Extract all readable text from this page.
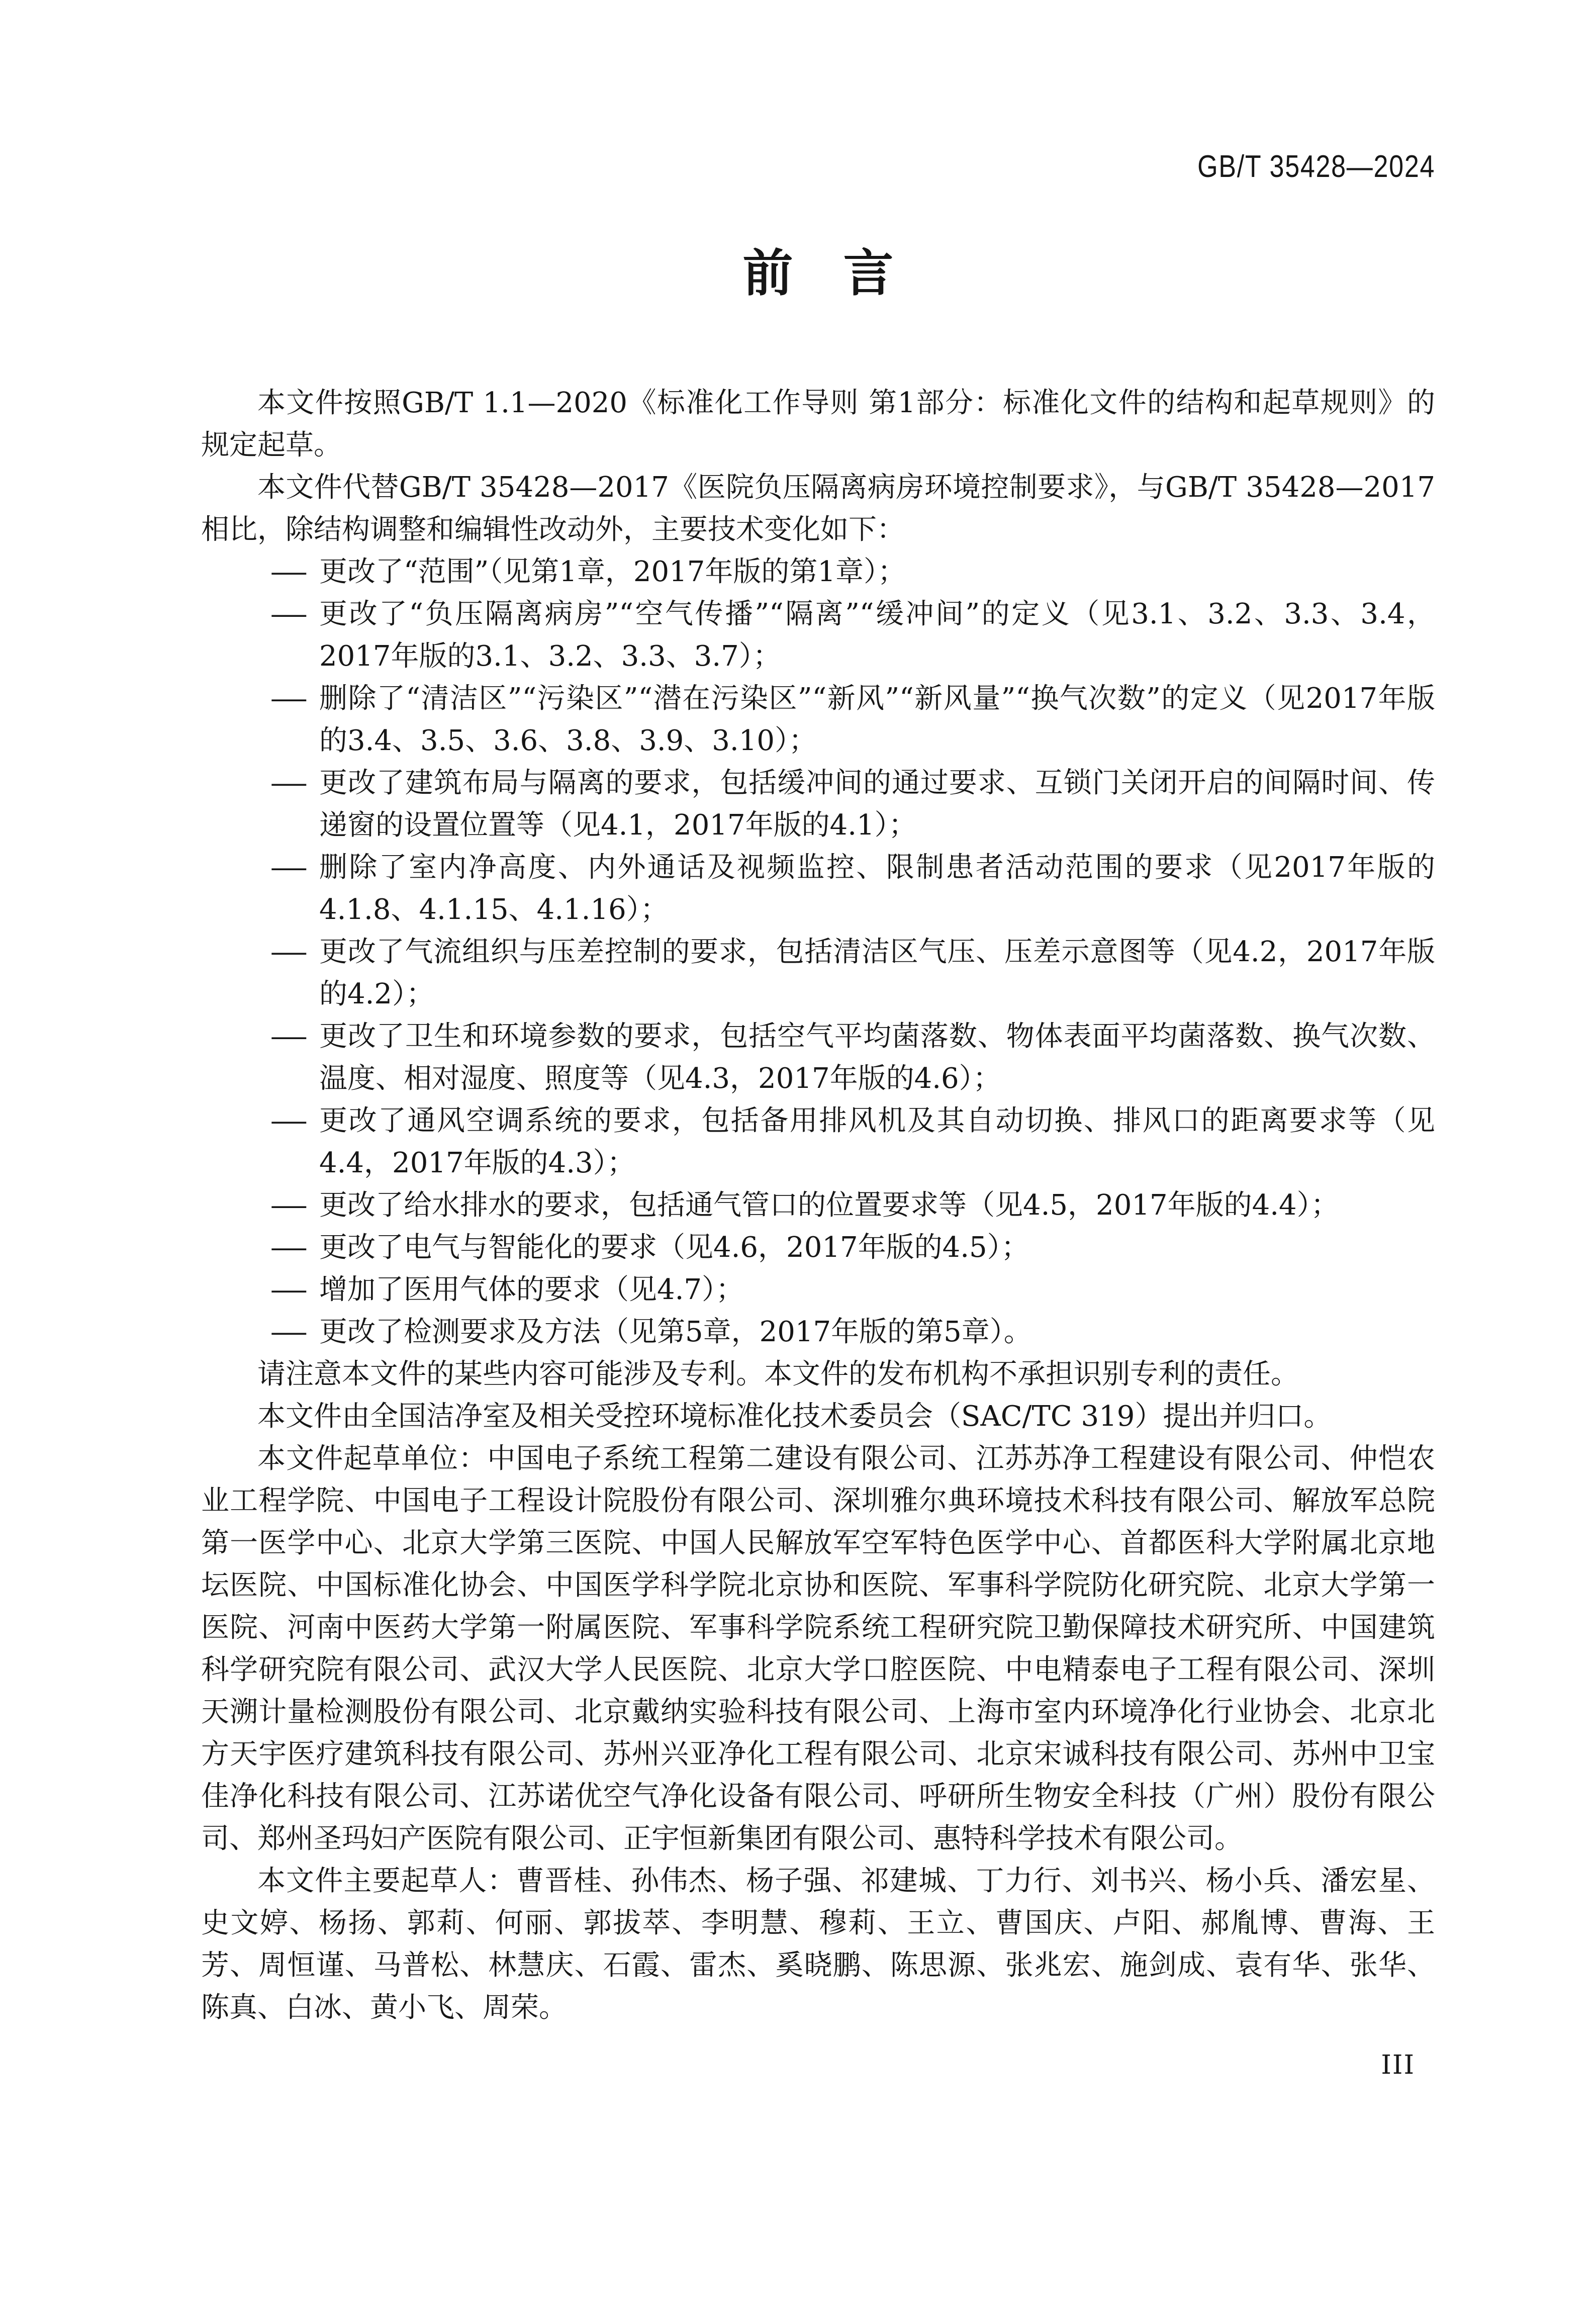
GB/T 35428—2024
前　言

本文件按照GB/T 1.1—2020《标准化工作导则 第1部分：标准化文件的结构和起草规则》的规定起草。

本文件代替GB/T 35428—2017《医院负压隔离病房环境控制要求》，与GB/T 35428—2017相比，除结构调整和编辑性改动外，主要技术变化如下：

— 更改了“范围”（见第1章，2017年版的第1章）；
— 更改了“负压隔离病房”“空气传播”“隔离”“缓冲间”的定义（见3.1、3.2、3.3、3.4，2017年版的3.1、3.2、3.3、3.7）；
— 删除了“清洁区”“污染区”“潜在污染区”“新风”“新风量”“换气次数”的定义（见2017年版的3.4、3.5、3.6、3.8、3.9、3.10）；
— 更改了建筑布局与隔离的要求，包括缓冲间的通过要求、互锁门关闭开启的间隔时间、传递窗的设置位置等（见4.1，2017年版的4.1）；
— 删除了室内净高度、内外通话及视频监控、限制患者活动范围的要求（见2017年版的4.1.8、4.1.15、4.1.16）；
— 更改了气流组织与压差控制的要求，包括清洁区气压、压差示意图等（见4.2，2017年版的4.2）；
— 更改了卫生和环境参数的要求，包括空气平均菌落数、物体表面平均菌落数、换气次数、温度、相对湿度、照度等（见4.3，2017年版的4.6）；
— 更改了通风空调系统的要求，包括备用排风机及其自动切换、排风口的距离要求等（见4.4，2017年版的4.3）；
— 更改了给水排水的要求，包括通气管口的位置要求等（见4.5，2017年版的4.4）；
— 更改了电气与智能化的要求（见4.6，2017年版的4.5）；
— 增加了医用气体的要求（见4.7）；
— 更改了检测要求及方法（见第5章，2017年版的第5章）。

请注意本文件的某些内容可能涉及专利。本文件的发布机构不承担识别专利的责任。

本文件由全国洁净室及相关受控环境标准化技术委员会（SAC/TC 319）提出并归口。

本文件起草单位：中国电子系统工程第二建设有限公司、江苏苏净工程建设有限公司、仲恺农业工程学院、中国电子工程设计院股份有限公司、深圳雅尔典环境技术科技有限公司、解放军总院第一医学中心、北京大学第三医院、中国人民解放军空军特色医学中心、首都医科大学附属北京地坛医院、中国标准化协会、中国医学科学院北京协和医院、军事科学院防化研究院、北京大学第一医院、河南中医药大学第一附属医院、军事科学院系统工程研究院卫勤保障技术研究所、中国建筑科学研究院有限公司、武汉大学人民医院、北京大学口腔医院、中电精泰电子工程有限公司、深圳天溯计量检测股份有限公司、北京戴纳实验科技有限公司、上海市室内环境净化行业协会、北京北方天宇医疗建筑科技有限公司、苏州兴亚净化工程有限公司、北京宋诚科技有限公司、苏州中卫宝佳净化科技有限公司、江苏诺优空气净化设备有限公司、呼研所生物安全科技（广州）股份有限公司、郑州圣玛妇产医院有限公司、正宇恒新集团有限公司、惠特科学技术有限公司。

本文件主要起草人：曹晋桂、孙伟杰、杨子强、祁建城、丁力行、刘书兴、杨小兵、潘宏星、史文婷、杨扬、郭莉、何丽、郭拔萃、李明慧、穆莉、王立、曹国庆、卢阳、郝胤博、曹海、王芳、周恒谨、马普松、林慧庆、石霞、雷杰、奚晓鹏、陈思源、张兆宏、施剑成、袁有华、张华、陈真、白冰、黄小飞、周荣。

III
